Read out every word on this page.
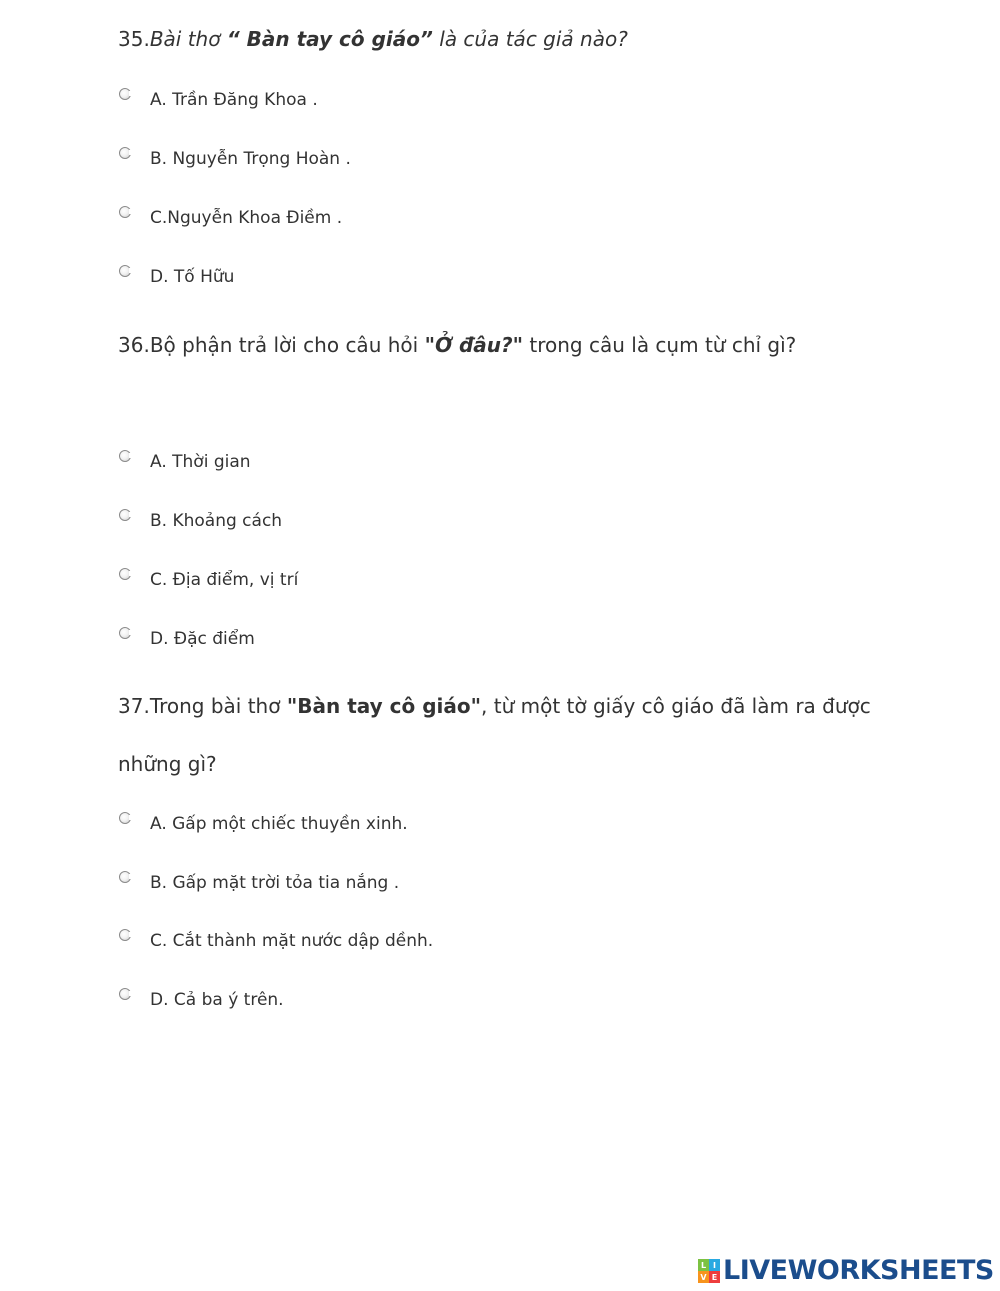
35.Bài thơ “ Bàn tay cô giáo” là của tác giả nào?
A. Trần Đăng Khoa .
B. Nguyễn Trọng Hoàn .
C.Nguyễn Khoa Điềm .
D. Tố Hữu
36.Bộ phận trả lời cho câu hỏi "Ở đâu?" trong câu là cụm từ chỉ gì?
A. Thời gian
B. Khoảng cách
C. Địa điểm, vị trí
D. Đặc điểm
37.Trong bài thơ "Bàn tay cô giáo", từ một tờ giấy cô giáo đã làm ra được
những gì?
A. Gấp một chiếc thuyền xinh.
B. Gấp mặt trời tỏa tia nắng .
C. Cắt thành mặt nước dập dềnh.
D. Cả ba ý trên.
L I
V E LIVEWORKSHEETS
